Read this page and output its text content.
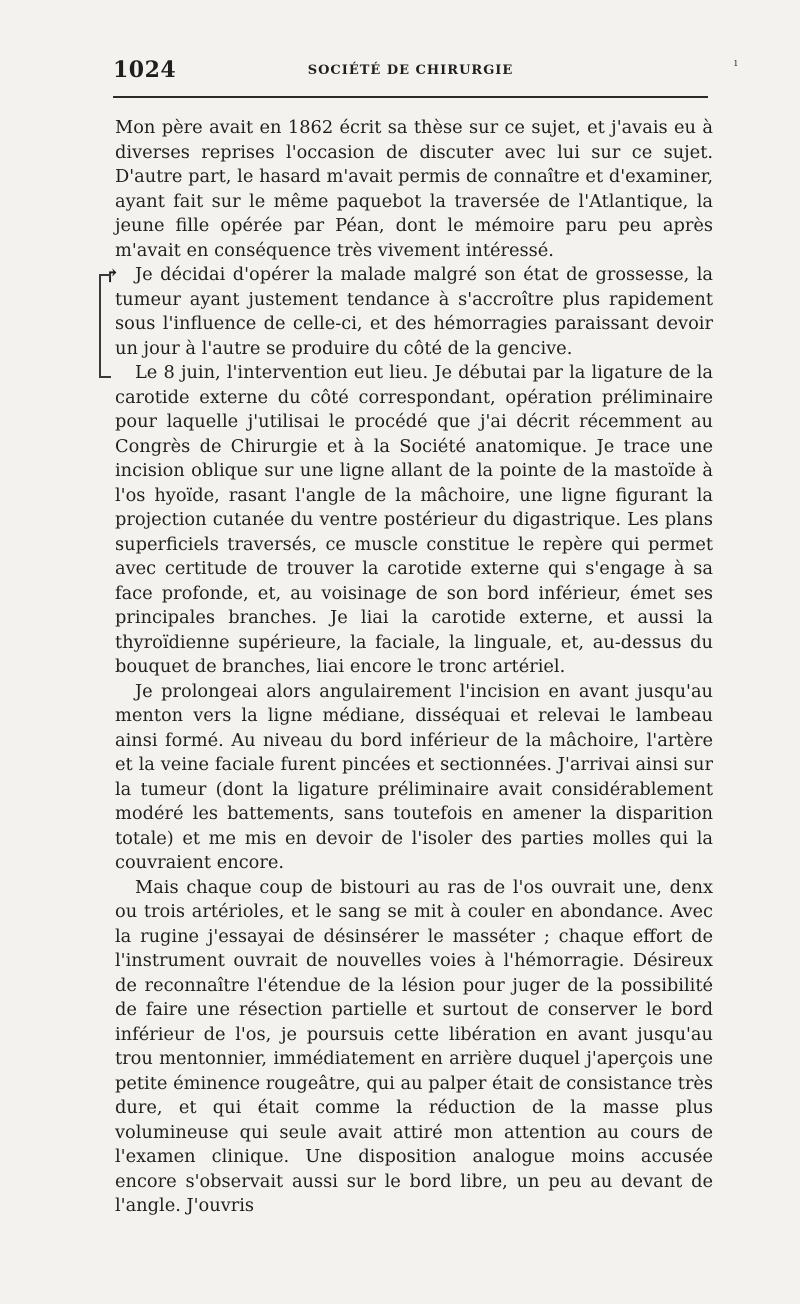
1024	SOCIÉTÉ DE CHIRURGIE
ı
↱

Mon père avait en 1862 écrit sa thèse sur ce sujet, et j'avais eu à diverses reprises l'occasion de discuter avec lui sur ce sujet. D'autre part, le hasard m'avait permis de connaître et d'examiner, ayant fait sur le même paquebot la traversée de l'Atlantique, la jeune fille opérée par Péan, dont le mémoire paru peu après m'avait en conséquence très vivement intéressé.

Je décidai d'opérer la malade malgré son état de grossesse, la tumeur ayant justement tendance à s'accroître plus rapidement sous l'influence de celle-ci, et des hémorragies paraissant devoir un jour à l'autre se produire du côté de la gencive.

Le 8 juin, l'intervention eut lieu. Je débutai par la ligature de la carotide externe du côté correspondant, opération préliminaire pour laquelle j'utilisai le procédé que j'ai décrit récemment au Congrès de Chirurgie et à la Société anatomique. Je trace une incision oblique sur une ligne allant de la pointe de la mastoïde à l'os hyoïde, rasant l'angle de la mâchoire, une ligne figurant la projection cutanée du ventre postérieur du digastrique. Les plans superficiels traversés, ce muscle constitue le repère qui permet avec certitude de trouver la carotide externe qui s'engage à sa face profonde, et, au voisinage de son bord inférieur, émet ses principales branches. Je liai la carotide externe, et aussi la thyroïdienne supérieure, la faciale, la linguale, et, au-dessus du bouquet de branches, liai encore le tronc artériel.

Je prolongeai alors angulairement l'incision en avant jusqu'au menton vers la ligne médiane, disséquai et relevai le lambeau ainsi formé. Au niveau du bord inférieur de la mâchoire, l'artère et la veine faciale furent pincées et sectionnées. J'arrivai ainsi sur la tumeur (dont la ligature préliminaire avait considérablement modéré les battements, sans toutefois en amener la disparition totale) et me mis en devoir de l'isoler des parties molles qui la couvraient encore.

Mais chaque coup de bistouri au ras de l'os ouvrait une, denx ou trois artérioles, et le sang se mit à couler en abondance. Avec la rugine j'essayai de désinsérer le masséter ; chaque effort de l'instrument ouvrait de nouvelles voies à l'hémorragie. Désireux de reconnaître l'étendue de la lésion pour juger de la possibilité de faire une résection partielle et surtout de conserver le bord inférieur de l'os, je poursuis cette libération en avant jusqu'au trou mentonnier, immédiatement en arrière duquel j'aperçois une petite éminence rougeâtre, qui au palper était de consistance très dure, et qui était comme la réduction de la masse plus volumineuse qui seule avait attiré mon attention au cours de l'examen clinique. Une disposition analogue moins accusée encore s'observait aussi sur le bord libre, un peu au devant de l'angle. J'ouvris
